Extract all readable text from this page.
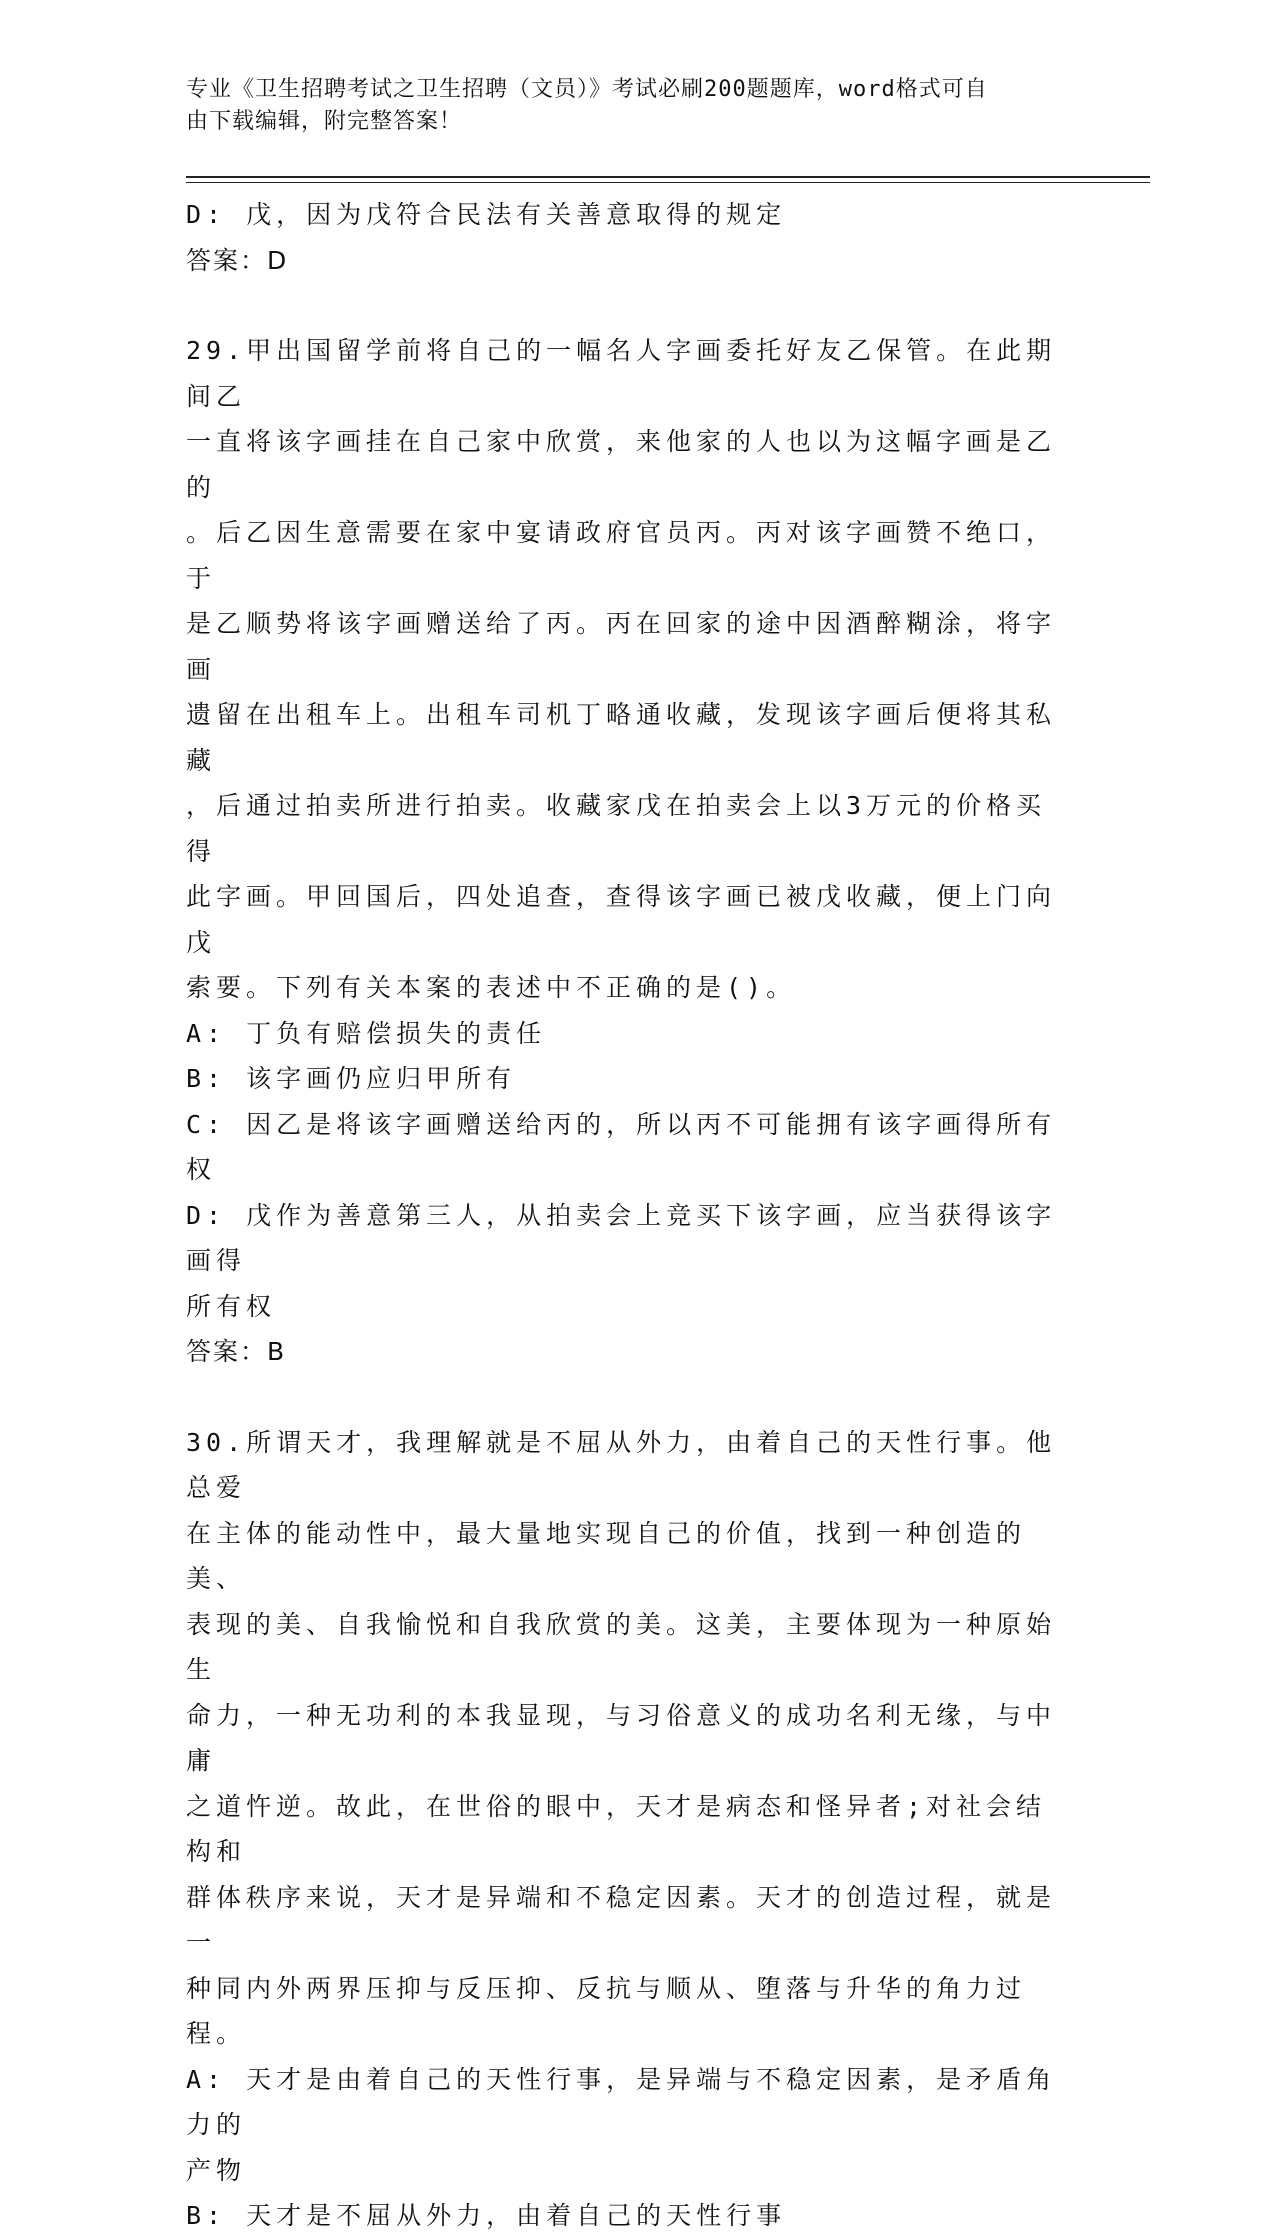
专业《卫生招聘考试之卫生招聘（文员）》考试必刷200题题库，word格式可自
由下载编辑，附完整答案！
D: 戊，因为戊符合民法有关善意取得的规定
答案：D
29.甲出国留学前将自己的一幅名人字画委托好友乙保管。在此期间乙
一直将该字画挂在自己家中欣赏，来他家的人也以为这幅字画是乙的
。后乙因生意需要在家中宴请政府官员丙。丙对该字画赞不绝口，于
是乙顺势将该字画赠送给了丙。丙在回家的途中因酒醉糊涂，将字画
遗留在出租车上。出租车司机丁略通收藏，发现该字画后便将其私藏
，后通过拍卖所进行拍卖。收藏家戊在拍卖会上以3万元的价格买得
此字画。甲回国后，四处追查，查得该字画已被戊收藏，便上门向戊
索要。下列有关本案的表述中不正确的是()。
A: 丁负有赔偿损失的责任
B: 该字画仍应归甲所有
C: 因乙是将该字画赠送给丙的，所以丙不可能拥有该字画得所有权
D: 戊作为善意第三人，从拍卖会上竞买下该字画，应当获得该字画得
所有权
答案：B
30.所谓天才，我理解就是不屈从外力，由着自己的天性行事。他总爱
在主体的能动性中，最大量地实现自己的价值，找到一种创造的美、
表现的美、自我愉悦和自我欣赏的美。这美，主要体现为一种原始生
命力，一种无功利的本我显现，与习俗意义的成功名利无缘，与中庸
之道忤逆。故此，在世俗的眼中，天才是病态和怪异者;对社会结构和
群体秩序来说，天才是异端和不稳定因素。天才的创造过程，就是一
种同内外两界压抑与反压抑、反抗与顺从、堕落与升华的角力过程。
A: 天才是由着自己的天性行事，是异端与不稳定因素，是矛盾角力的
产物
B: 天才是不屈从外力，由着自己的天性行事
